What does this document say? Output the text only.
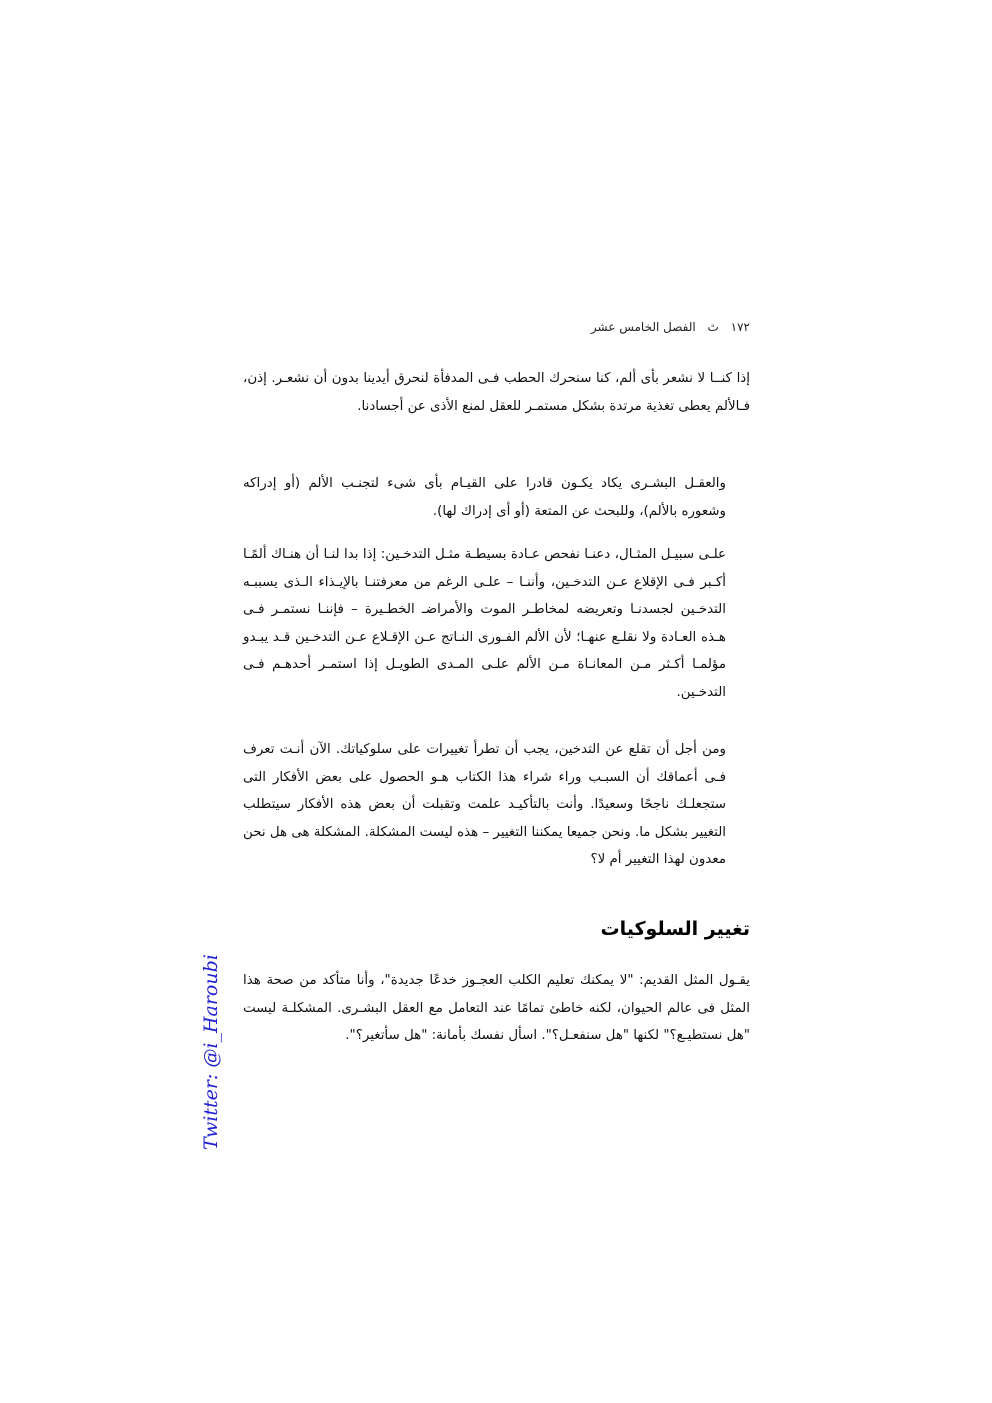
١٧٢ ﭢ الفصل الخامس عشر

إذا كنــا لا نشعر بأى ألم، كنا سنحرك الحطب فـى المدفأة لنحرق أيدينا بدون أن نشعـر. إذن، فـالألم يعطى تغذية مرتدة بشكل مستمـر للعقل لمنع الأذى عن أجسادنا.

والعقـل البشـرى يكاد يكـون قادرا على القيـام بأى شىء لتجنـب الألم (أو إدراكه وشعوره بالألم)، وللبحث عن المتعة (أو أى إدراك لها).

علـى سبيـل المثـال، دعنـا نفحص عـادة بسيطـة مثـل التدخـين: إذا بدا لنـا أن هنـاك ألمًـا أكـبر فـى الإقلاع عـن التدخـين، وأننـا – علـى الرغم من معرفتنـا بالإيـذاء الـذى يسببـه التدخـين لجسدنـا وتعريضه لمخاطـر الموت والأمراضـ الخطـيرة – فإننـا نستمـر فـى هـذه العـادة ولا نقلـع عنهـا؛ لأن الألم الفـورى النـاتج عـن الإقـلاع عـن التدخـين قـد يبـدو مؤلمـا أكـثر مـن المعانـاة مـن الألم علـى المـدى الطويـل إذا استمـر أحدهـم فـى التدخـين.

ومن أجل أن تقلع عن التدخين، يجب أن تطرأ تغييرات على سلوكياتك. الآن أنـت تعرف فـى أعماقك أن السبـب وراء شراء هذا الكتاب هـو الحصول على بعض الأفكار التى ستجعلـك ناجحًا وسعيدًا. وأنت بالتأكيـد علمت وتقبلت أن بعض هذه الأفكار سيتطلب التغيير بشكل ما. ونحن جميعا يمكننا التغيير – هذه ليست المشكلة. المشكلة هى هل نحن معدون لهذا التغيير أم لا؟

تغيير السلوكيات

يقـول المثل القديم: "لا يمكنك تعليم الكلب العجـوز خدعًا جديدة"، وأنا متأكد من صحة هذا المثل فى عالم الحيوان، لكنه خاطئ تمامًا عند التعامل مع العقل البشـرى. المشكلـة ليست "هل نستطيـع؟" لكنها "هل سنفعـل؟". اسأل نفسك بأمانة: "هل سأتغير؟".

Twitter: @i_Haroubi
